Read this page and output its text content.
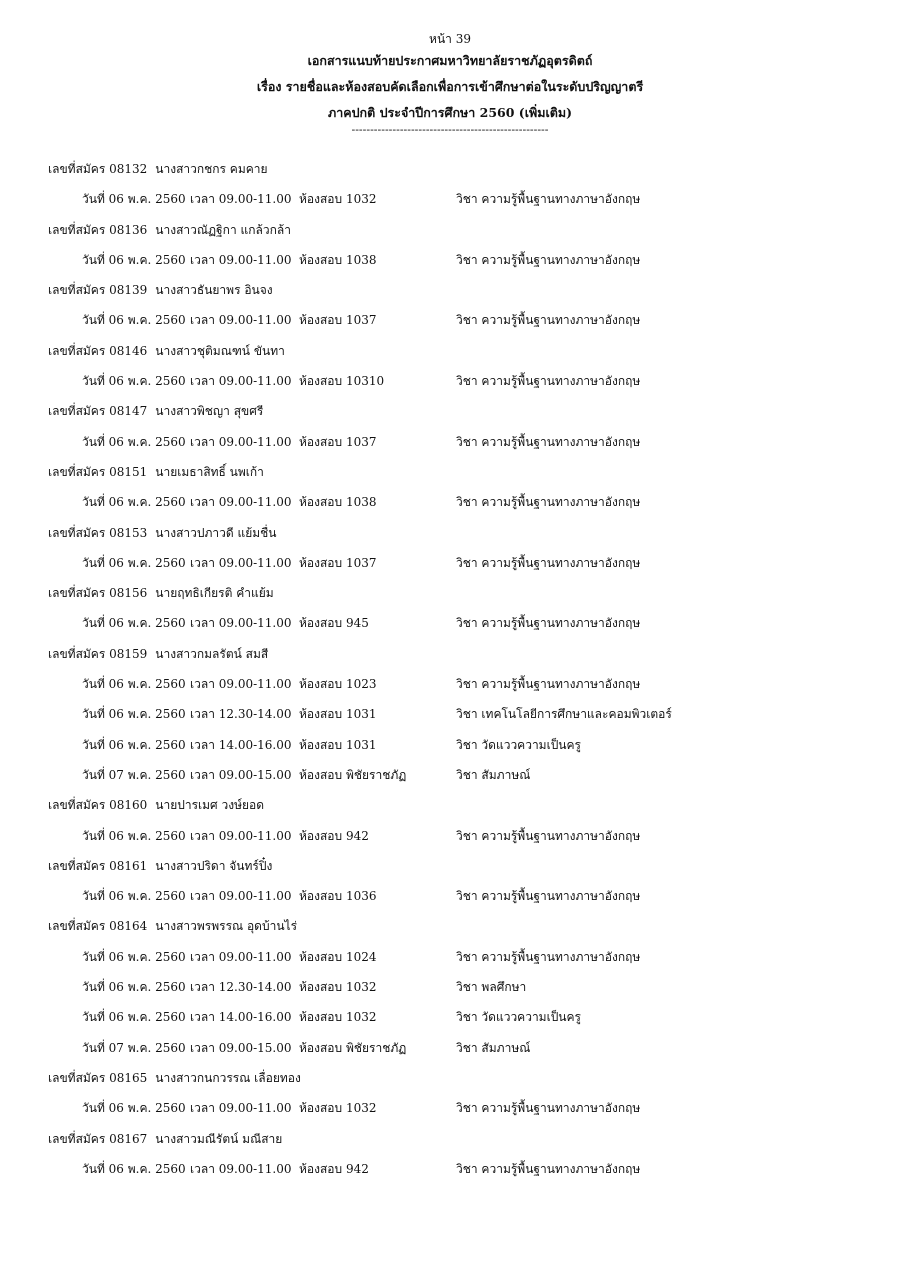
หน้า 39
เอกสารแนบท้ายประกาศมหาวิทยาลัยราชภัฏอุตรดิตถ์
เรื่อง รายชื่อและห้องสอบคัดเลือกเพื่อการเข้าศึกษาต่อในระดับปริญญาตรี
ภาคปกติ ประจำปีการศึกษา 2560 (เพิ่มเติม)
-----------------------------------------------------
เลขที่สมัคร 08132 นางสาวกชกร คมคาย
วันที่ 06 พ.ค. 2560 เวลา 09.00-11.00 ห้องสอบ 1032	วิชา ความรู้พื้นฐานทางภาษาอังกฤษ
เลขที่สมัคร 08136 นางสาวณัฏฐิกา แกล้วกล้า
วันที่ 06 พ.ค. 2560 เวลา 09.00-11.00 ห้องสอบ 1038	วิชา ความรู้พื้นฐานทางภาษาอังกฤษ
เลขที่สมัคร 08139 นางสาวธันยาพร อินจง
วันที่ 06 พ.ค. 2560 เวลา 09.00-11.00 ห้องสอบ 1037	วิชา ความรู้พื้นฐานทางภาษาอังกฤษ
เลขที่สมัคร 08146 นางสาวชุติมณฑน์ ขันทา
วันที่ 06 พ.ค. 2560 เวลา 09.00-11.00 ห้องสอบ 10310	วิชา ความรู้พื้นฐานทางภาษาอังกฤษ
เลขที่สมัคร 08147 นางสาวพิชญา สุขศรี
วันที่ 06 พ.ค. 2560 เวลา 09.00-11.00 ห้องสอบ 1037	วิชา ความรู้พื้นฐานทางภาษาอังกฤษ
เลขที่สมัคร 08151 นายเมธาสิทธิ์ นพเก้า
วันที่ 06 พ.ค. 2560 เวลา 09.00-11.00 ห้องสอบ 1038	วิชา ความรู้พื้นฐานทางภาษาอังกฤษ
เลขที่สมัคร 08153 นางสาวปภาวดี แย้มชื่น
วันที่ 06 พ.ค. 2560 เวลา 09.00-11.00 ห้องสอบ 1037	วิชา ความรู้พื้นฐานทางภาษาอังกฤษ
เลขที่สมัคร 08156 นายฤทธิเกียรติ คำแย้ม
วันที่ 06 พ.ค. 2560 เวลา 09.00-11.00 ห้องสอบ 945	วิชา ความรู้พื้นฐานทางภาษาอังกฤษ
เลขที่สมัคร 08159 นางสาวกมลรัตน์ สมสี
วันที่ 06 พ.ค. 2560 เวลา 09.00-11.00 ห้องสอบ 1023	วิชา ความรู้พื้นฐานทางภาษาอังกฤษ
วันที่ 06 พ.ค. 2560 เวลา 12.30-14.00 ห้องสอบ 1031	วิชา เทคโนโลยีการศึกษาและคอมพิวเตอร์
วันที่ 06 พ.ค. 2560 เวลา 14.00-16.00 ห้องสอบ 1031	วิชา วัดแววความเป็นครู
วันที่ 07 พ.ค. 2560 เวลา 09.00-15.00 ห้องสอบ พิชัยราชภัฏ	วิชา สัมภาษณ์
เลขที่สมัคร 08160 นายปารเมศ วงษ์ยอด
วันที่ 06 พ.ค. 2560 เวลา 09.00-11.00 ห้องสอบ 942	วิชา ความรู้พื้นฐานทางภาษาอังกฤษ
เลขที่สมัคร 08161 นางสาวปริดา จันทร์ปิ๋ง
วันที่ 06 พ.ค. 2560 เวลา 09.00-11.00 ห้องสอบ 1036	วิชา ความรู้พื้นฐานทางภาษาอังกฤษ
เลขที่สมัคร 08164 นางสาวพรพรรณ อุดบ้านไร่
วันที่ 06 พ.ค. 2560 เวลา 09.00-11.00 ห้องสอบ 1024	วิชา ความรู้พื้นฐานทางภาษาอังกฤษ
วันที่ 06 พ.ค. 2560 เวลา 12.30-14.00 ห้องสอบ 1032	วิชา พลศึกษา
วันที่ 06 พ.ค. 2560 เวลา 14.00-16.00 ห้องสอบ 1032	วิชา วัดแววความเป็นครู
วันที่ 07 พ.ค. 2560 เวลา 09.00-15.00 ห้องสอบ พิชัยราชภัฏ	วิชา สัมภาษณ์
เลขที่สมัคร 08165 นางสาวกนกวรรณ เลื่อยทอง
วันที่ 06 พ.ค. 2560 เวลา 09.00-11.00 ห้องสอบ 1032	วิชา ความรู้พื้นฐานทางภาษาอังกฤษ
เลขที่สมัคร 08167 นางสาวมณีรัตน์ มณีสาย
วันที่ 06 พ.ค. 2560 เวลา 09.00-11.00 ห้องสอบ 942	วิชา ความรู้พื้นฐานทางภาษาอังกฤษ
